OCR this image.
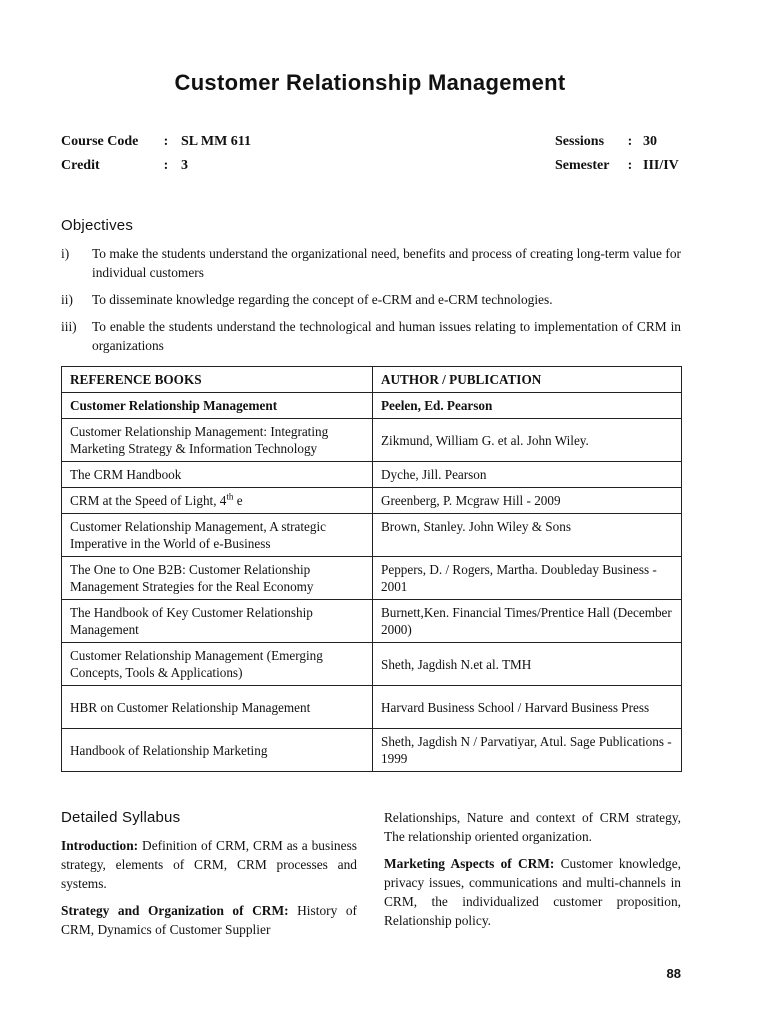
Customer Relationship Management
Course Code : SL MM 611
Credit	: 3
Sessions : 30
Semester : III/IV
Objectives
i)	To make the students understand the organizational need, benefits and process of creating long-term value for individual customers
ii)	To disseminate knowledge regarding the concept of e-CRM and e-CRM technologies.
iii)	To enable the students understand the technological and human issues relating to implementation of CRM in organizations
REFERENCE BOOKS	AUTHOR / PUBLICATION
Customer Relationship Management	Peelen, Ed. Pearson
Customer Relationship Management: Integrating Marketing Strategy & Information Technology	Zikmund, William G. et al. John Wiley.
The CRM Handbook	Dyche, Jill. Pearson
CRM at the Speed of Light, 4th e	Greenberg, P. Mcgraw Hill - 2009
Customer Relationship Management, A strategic Imperative in the World of e-Business	Brown, Stanley. John Wiley & Sons
The One to One B2B: Customer Relationship Management Strategies for the Real Economy	Peppers, D. / Rogers, Martha. Doubleday Business - 2001
The Handbook of Key Customer Relationship Management	Burnett,Ken. Financial Times/Prentice Hall (December 2000)
Customer Relationship Management (Emerging Concepts, Tools & Applications)	Sheth, Jagdish N.et al. TMH
HBR on Customer Relationship Management	Harvard Business School / Harvard Business Press
Handbook of Relationship Marketing	Sheth, Jagdish N / Parvatiyar, Atul. Sage Publications - 1999
Detailed Syllabus

Introduction: Definition of CRM, CRM as a business strategy, elements of CRM, CRM processes and systems.

Strategy and Organization of CRM: History of CRM, Dynamics of Customer Supplier

Relationships, Nature and context of CRM strategy, The relationship oriented organization.

Marketing Aspects of CRM: Customer knowledge, privacy issues, communications and multi-channels in CRM, the individualized customer proposition, Relationship policy.

88
